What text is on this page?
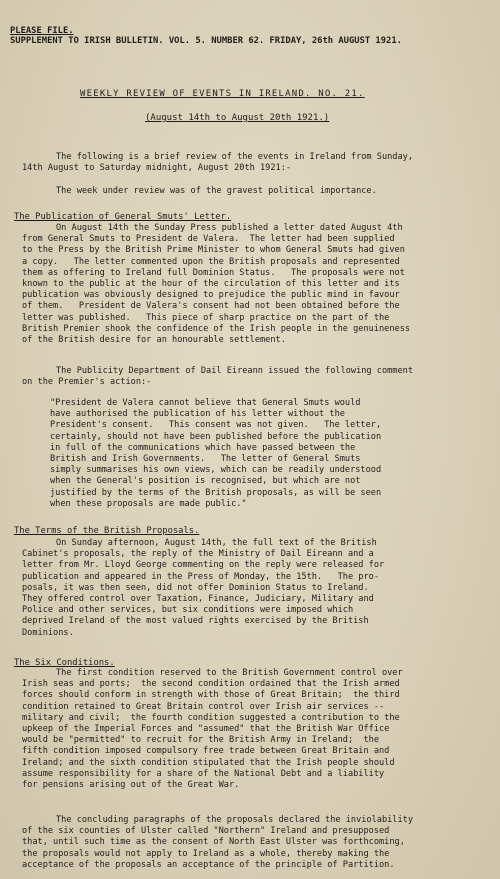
PLEASE FILE.
SUPPLEMENT TO IRISH BULLETIN. VOL. 5. NUMBER 62. FRIDAY, 26th AUGUST 1921.
WEEKLY REVIEW OF EVENTS IN IRELAND. NO. 21.
(August 14th to August 20th 1921.)

The following is a brief review of the events in Ireland from Sunday,

14th August to Saturday midnight, August 20th 1921:-

The week under review was of the gravest political importance.

The Publication of General Smuts' Letter.

On August 14th the Sunday Press published a letter dated August 4th

from General Smuts to President de Valera.  The letter had been supplied

to the Press by the British Prime Minister to whom General Smuts had given

a copy.   The letter commented upon the British proposals and represented

them as offering to Ireland full Dominion Status.   The proposals were not

known to the public at the hour of the circulation of this letter and its

publication was obviously designed to prejudice the public mind in favour

of them.   President de Valera's consent had not been obtained before the

letter was published.   This piece of sharp practice on the part of the

British Premier shook the confidence of the Irish people in the genuineness

of the British desire for an honourable settlement.

The Publicity Department of Dail Eireann issued the following comment

on the Premier's action:-

"President de Valera cannot believe that General Smuts would

have authorised the publication of his letter without the

President's consent.   This consent was not given.   The letter,

certainly, should not have been published before the publication

in full of the communications which have passed between the

British and Irish Governments.   The letter of General Smuts

simply summarises his own views, which can be readily understood

when the General's position is recognised, but which are not

justified by the terms of the British proposals, as will be seen

when these proposals are made public."

The Terms of the British Proposals.

On Sunday afternoon, August 14th, the full text of the British

Cabinet's proposals, the reply of the Ministry of Dail Eireann and a

letter from Mr. Lloyd George commenting on the reply were released for

publication and appeared in the Press of Monday, the 15th.   The pro-

posals, it was then seen, did not offer Dominion Status to Ireland.

They offered control over Taxation, Finance, Judiciary, Military and

Police and other services, but six conditions were imposed which

deprived Ireland of the most valued rights exercised by the British

Dominions.

The Six Conditions.

The first condition reserved to the British Government control over

Irish seas and ports;  the second condition ordained that the Irish armed

forces should conform in strength with those of Great Britain;  the third

condition retained to Great Britain control over Irish air services --

military and civil;  the fourth condition suggested a contribution to the

upkeep of the Imperial Forces and "assumed" that the British War Office

would be "permitted" to recruit for the British Army in Ireland;  the

fifth condition imposed compulsory free trade between Great Britain and

Ireland; and the sixth condition stipulated that the Irish people should

assume responsibility for a share of the National Debt and a liability

for pensions arising out of the Great War.

The concluding paragraphs of the proposals declared the inviolability

of the six counties of Ulster called "Northern" Ireland and presupposed

that, until such time as the consent of North East Ulster was forthcoming,

the proposals would not apply to Ireland as a whole, thereby making the

acceptance of the proposals an acceptance of the principle of Partition.
